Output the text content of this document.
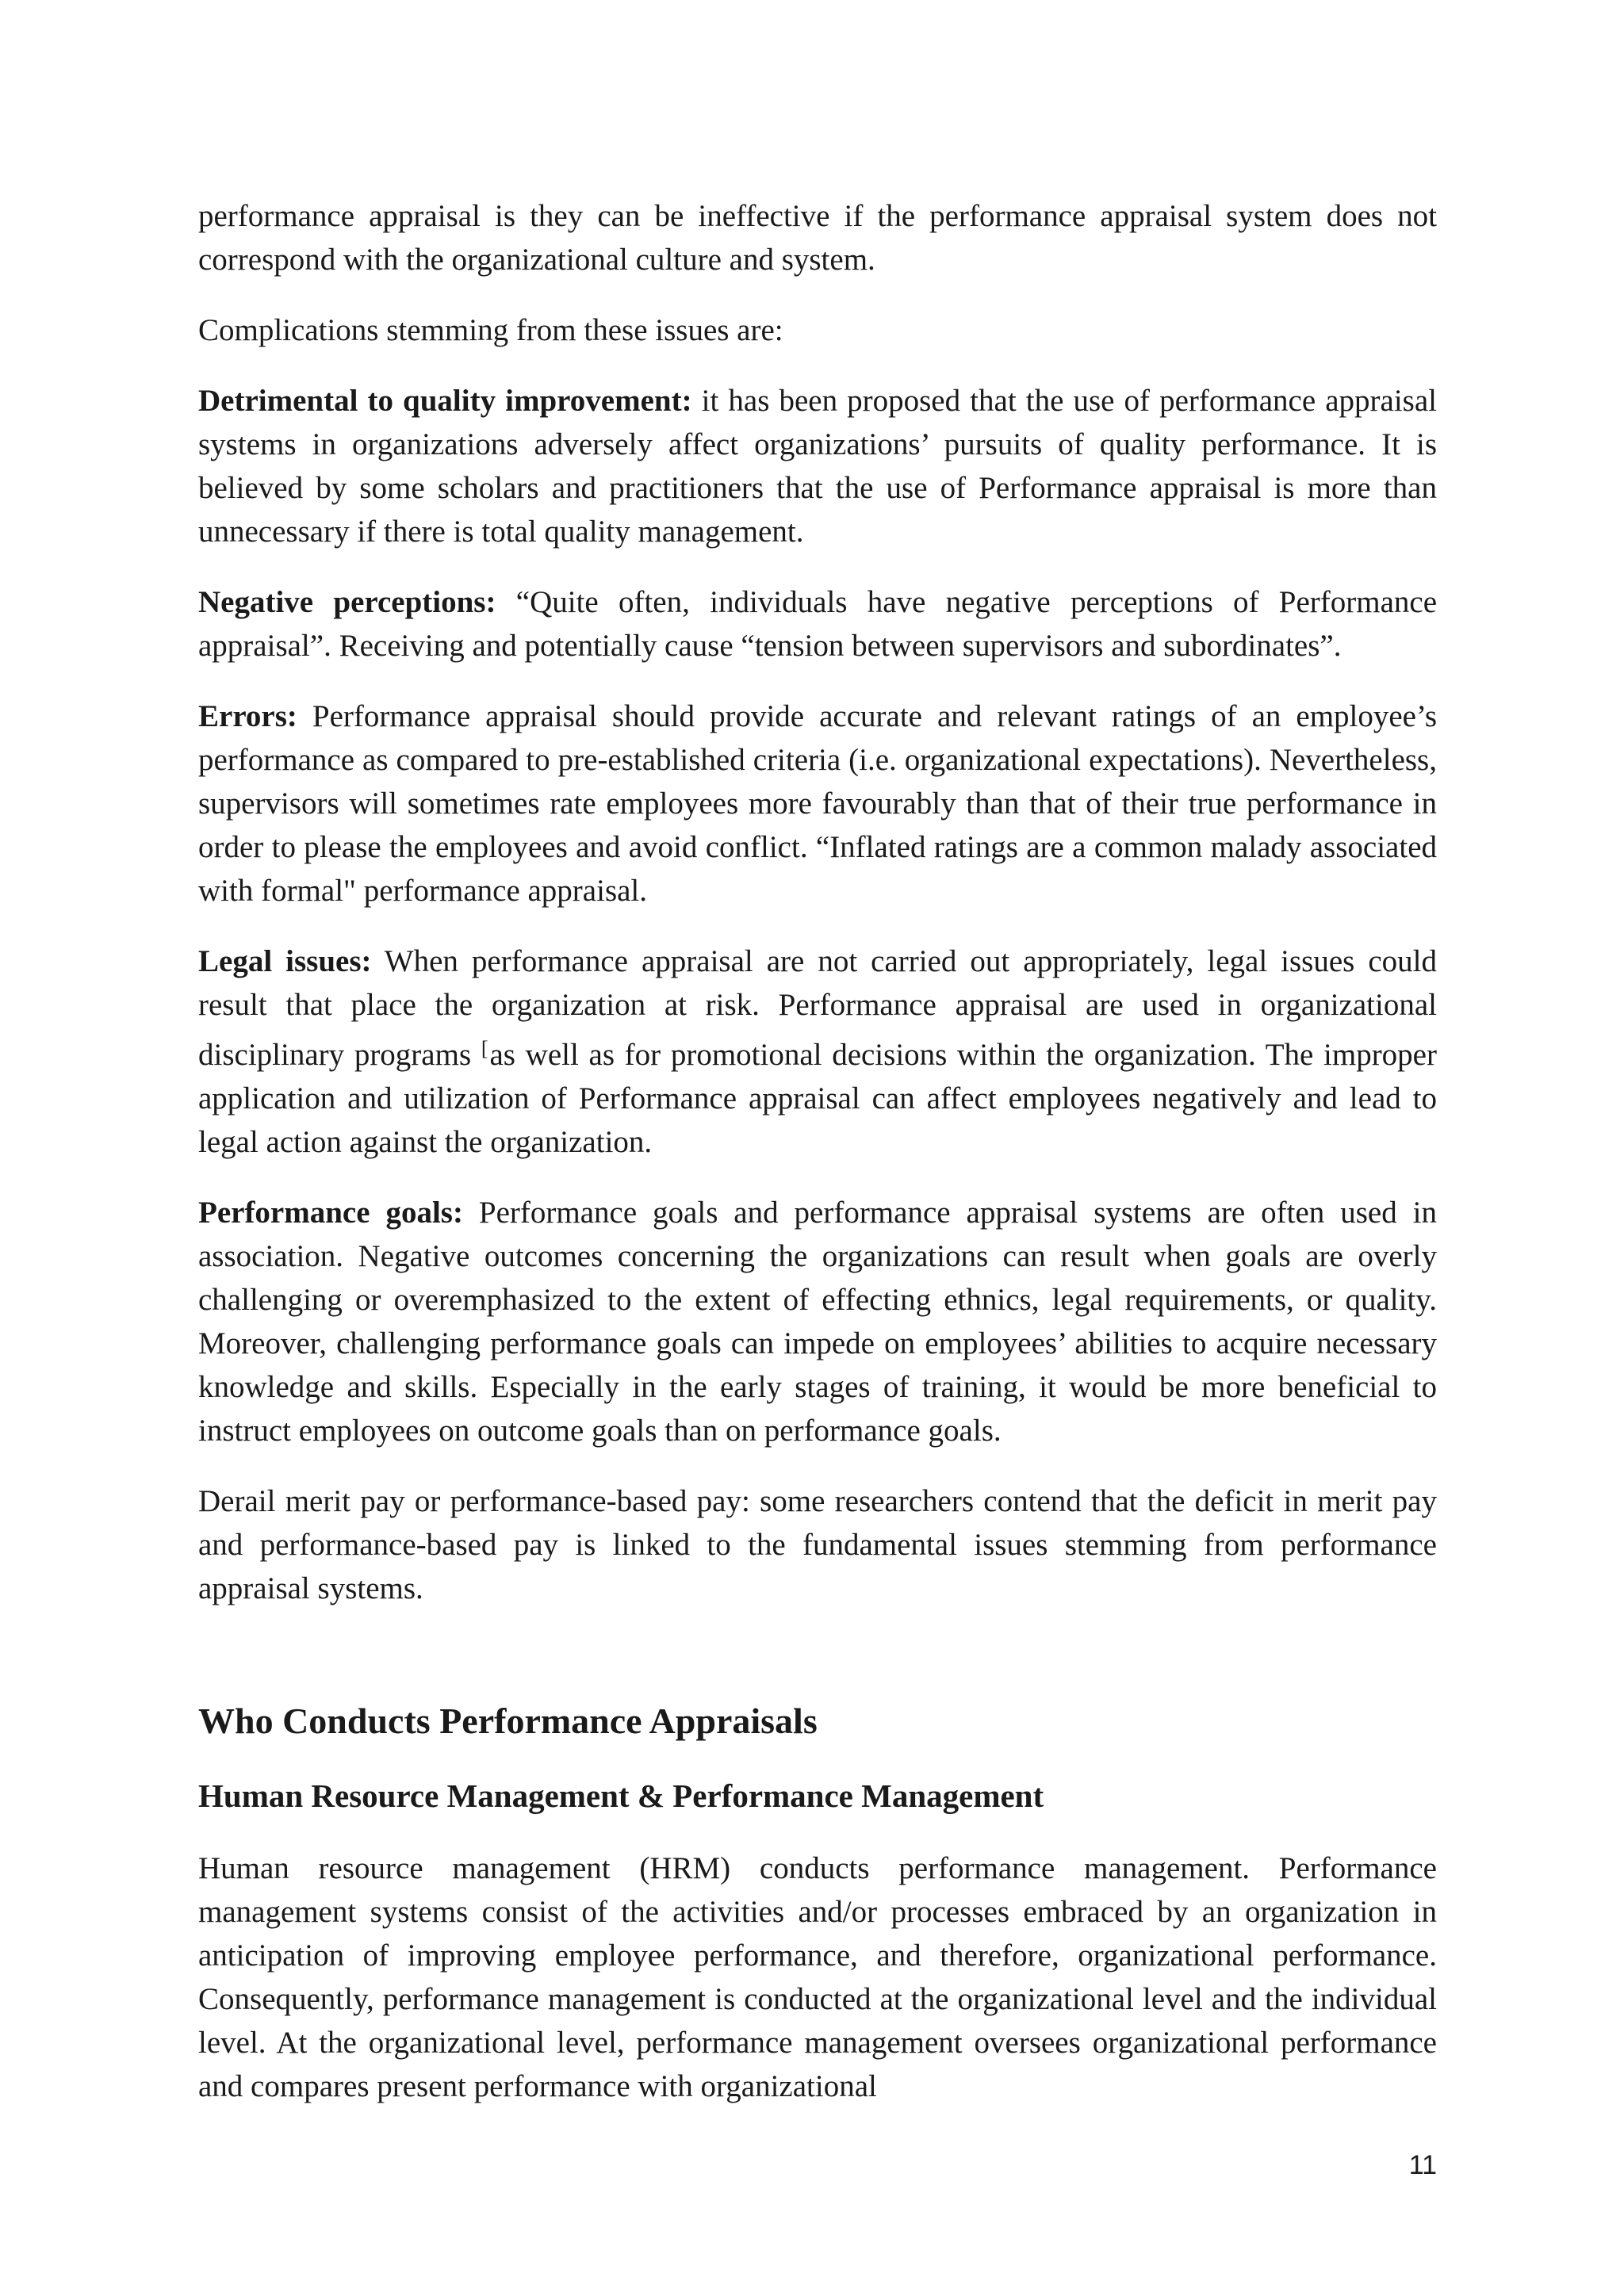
performance appraisal is they can be ineffective if the performance appraisal system does not correspond with the organizational culture and system.

Complications stemming from these issues are:

Detrimental to quality improvement: it has been proposed that the use of performance appraisal systems in organizations adversely affect organizations’ pursuits of quality performance. It is believed by some scholars and practitioners that the use of Performance appraisal is more than unnecessary if there is total quality management.

Negative perceptions: “Quite often, individuals have negative perceptions of Performance appraisal”. Receiving and potentially cause “tension between supervisors and subordinates”.

Errors: Performance appraisal should provide accurate and relevant ratings of an employee’s performance as compared to pre-established criteria (i.e. organizational expectations). Nevertheless, supervisors will sometimes rate employees more favourably than that of their true performance in order to please the employees and avoid conflict. “Inflated ratings are a common malady associated with formal" performance appraisal.

Legal issues: When performance appraisal are not carried out appropriately, legal issues could result that place the organization at risk. Performance appraisal are used in organizational disciplinary programs [as well as for promotional decisions within the organization. The improper application and utilization of Performance appraisal can affect employees negatively and lead to legal action against the organization.

Performance goals: Performance goals and performance appraisal systems are often used in association. Negative outcomes concerning the organizations can result when goals are overly challenging or overemphasized to the extent of effecting ethnics, legal requirements, or quality. Moreover, challenging performance goals can impede on employees’ abilities to acquire necessary knowledge and skills. Especially in the early stages of training, it would be more beneficial to instruct employees on outcome goals than on performance goals.

Derail merit pay or performance-based pay: some researchers contend that the deficit in merit pay and performance-based pay is linked to the fundamental issues stemming from performance appraisal systems.

Who Conducts Performance Appraisals
Human Resource Management & Performance Management

Human resource management (HRM) conducts performance management. Performance management systems consist of the activities and/or processes embraced by an organization in anticipation of improving employee performance, and therefore, organizational performance. Consequently, performance management is conducted at the organizational level and the individual level. At the organizational level, performance management oversees organizational performance and compares present performance with organizational

11
